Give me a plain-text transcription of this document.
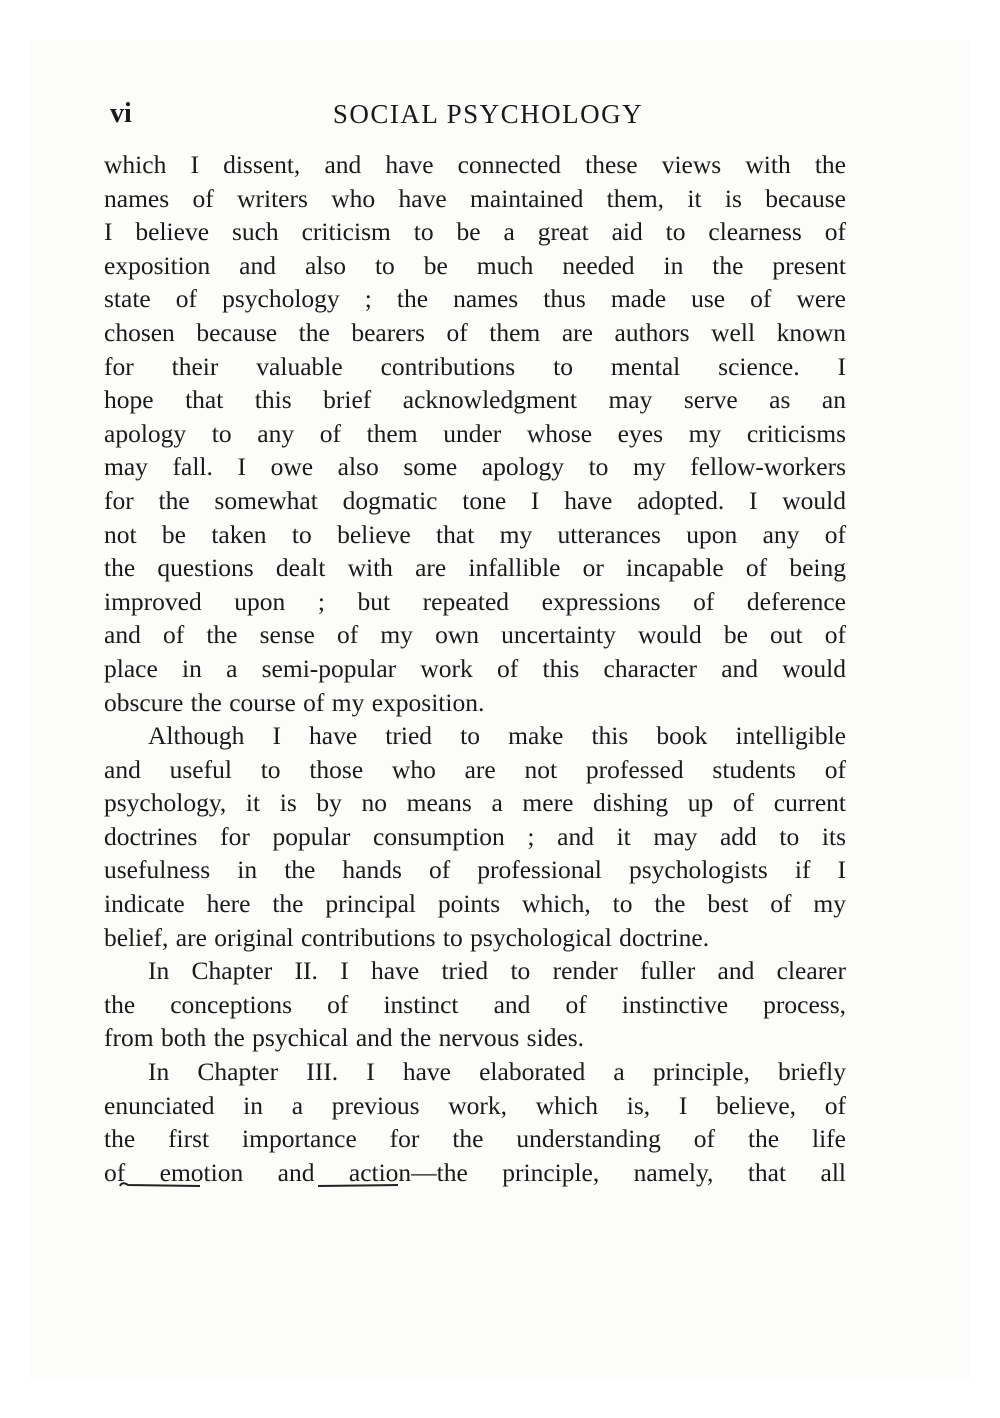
vi	SOCIAL PSYCHOLOGY
which I dissent, and have connected these views with the
names of writers who have maintained them, it is because
I believe such criticism to be a great aid to clearness of
exposition and also to be much needed in the present
state of psychology ; the names thus made use of were
chosen because the bearers of them are authors well known
for their valuable contributions to mental science. I
hope that this brief acknowledgment may serve as an
apology to any of them under whose eyes my criticisms
may fall. I owe also some apology to my fellow-workers
for the somewhat dogmatic tone I have adopted. I would
not be taken to believe that my utterances upon any of
the questions dealt with are infallible or incapable of being
improved upon ; but repeated expressions of deference
and of the sense of my own uncertainty would be out of
place in a semi-popular work of this character and would
obscure the course of my exposition.
Although I have tried to make this book intelligible
and useful to those who are not professed students of
psychology, it is by no means a mere dishing up of current
doctrines for popular consumption ; and it may add to its
usefulness in the hands of professional psychologists if I
indicate here the principal points which, to the best of my
belief, are original contributions to psychological doctrine.
In Chapter II. I have tried to render fuller and clearer
the conceptions of instinct and of instinctive process,
from both the psychical and the nervous sides.
In Chapter III. I have elaborated a principle, briefly
enunciated in a previous work, which is, I believe, of
the first importance for the understanding of the life
of emotion and action—the principle, namely, that all
